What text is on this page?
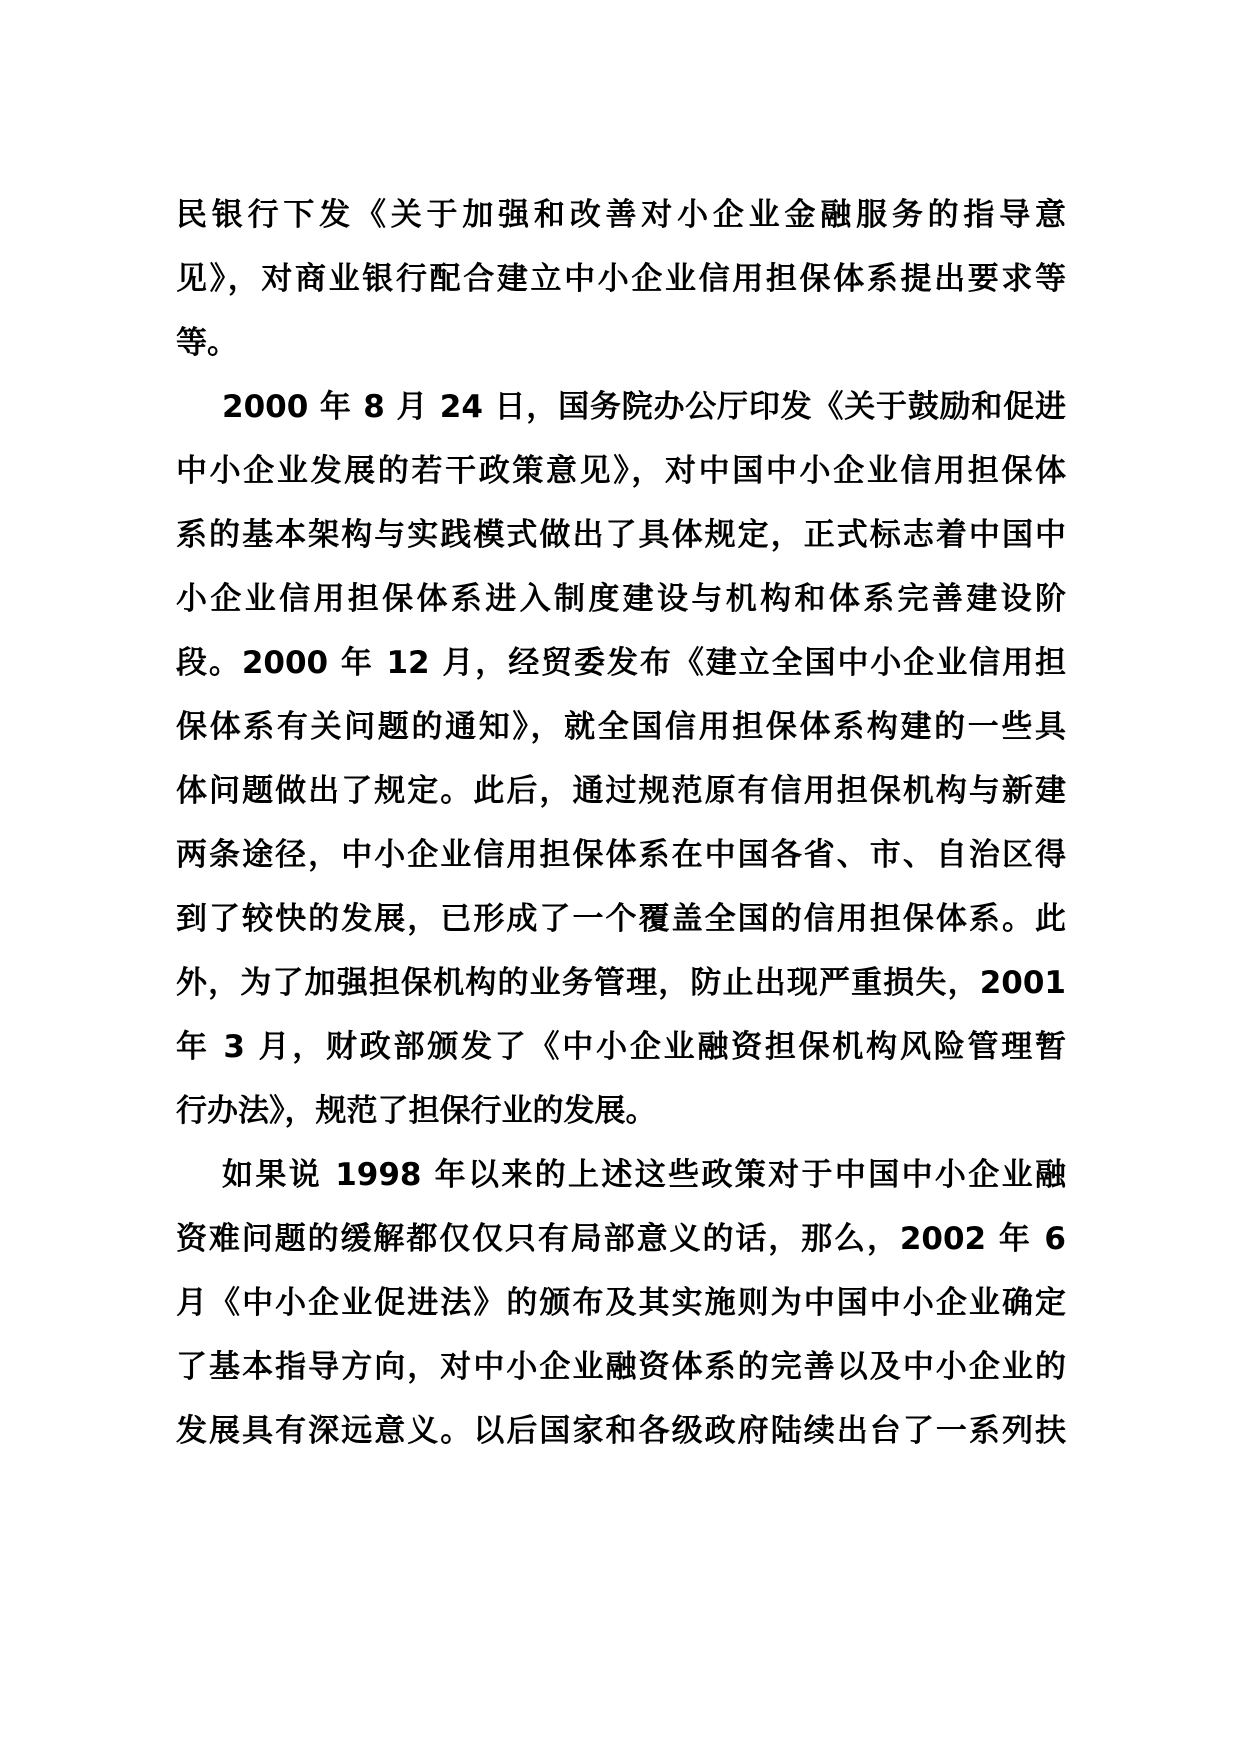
民银行下发《关于加强和改善对小企业金融服务的指导意
见》，对商业银行配合建立中小企业信用担保体系提出要求等
等。
2000 年 8 月 24 日，国务院办公厅印发《关于鼓励和促进
中小企业发展的若干政策意见》，对中国中小企业信用担保体
系的基本架构与实践模式做出了具体规定，正式标志着中国中
小企业信用担保体系进入制度建设与机构和体系完善建设阶
段。2000 年 12 月，经贸委发布《建立全国中小企业信用担
保体系有关问题的通知》，就全国信用担保体系构建的一些具
体问题做出了规定。此后，通过规范原有信用担保机构与新建
两条途径，中小企业信用担保体系在中国各省、市、自治区得
到了较快的发展，已形成了一个覆盖全国的信用担保体系。此
外，为了加强担保机构的业务管理，防止出现严重损失，2001
年 3 月，财政部颁发了《中小企业融资担保机构风险管理暂
行办法》，规范了担保行业的发展。
如果说 1998 年以来的上述这些政策对于中国中小企业融
资难问题的缓解都仅仅只有局部意义的话，那么，2002 年 6
月《中小企业促进法》的颁布及其实施则为中国中小企业确定
了基本指导方向，对中小企业融资体系的完善以及中小企业的
发展具有深远意义。以后国家和各级政府陆续出台了一系列扶
